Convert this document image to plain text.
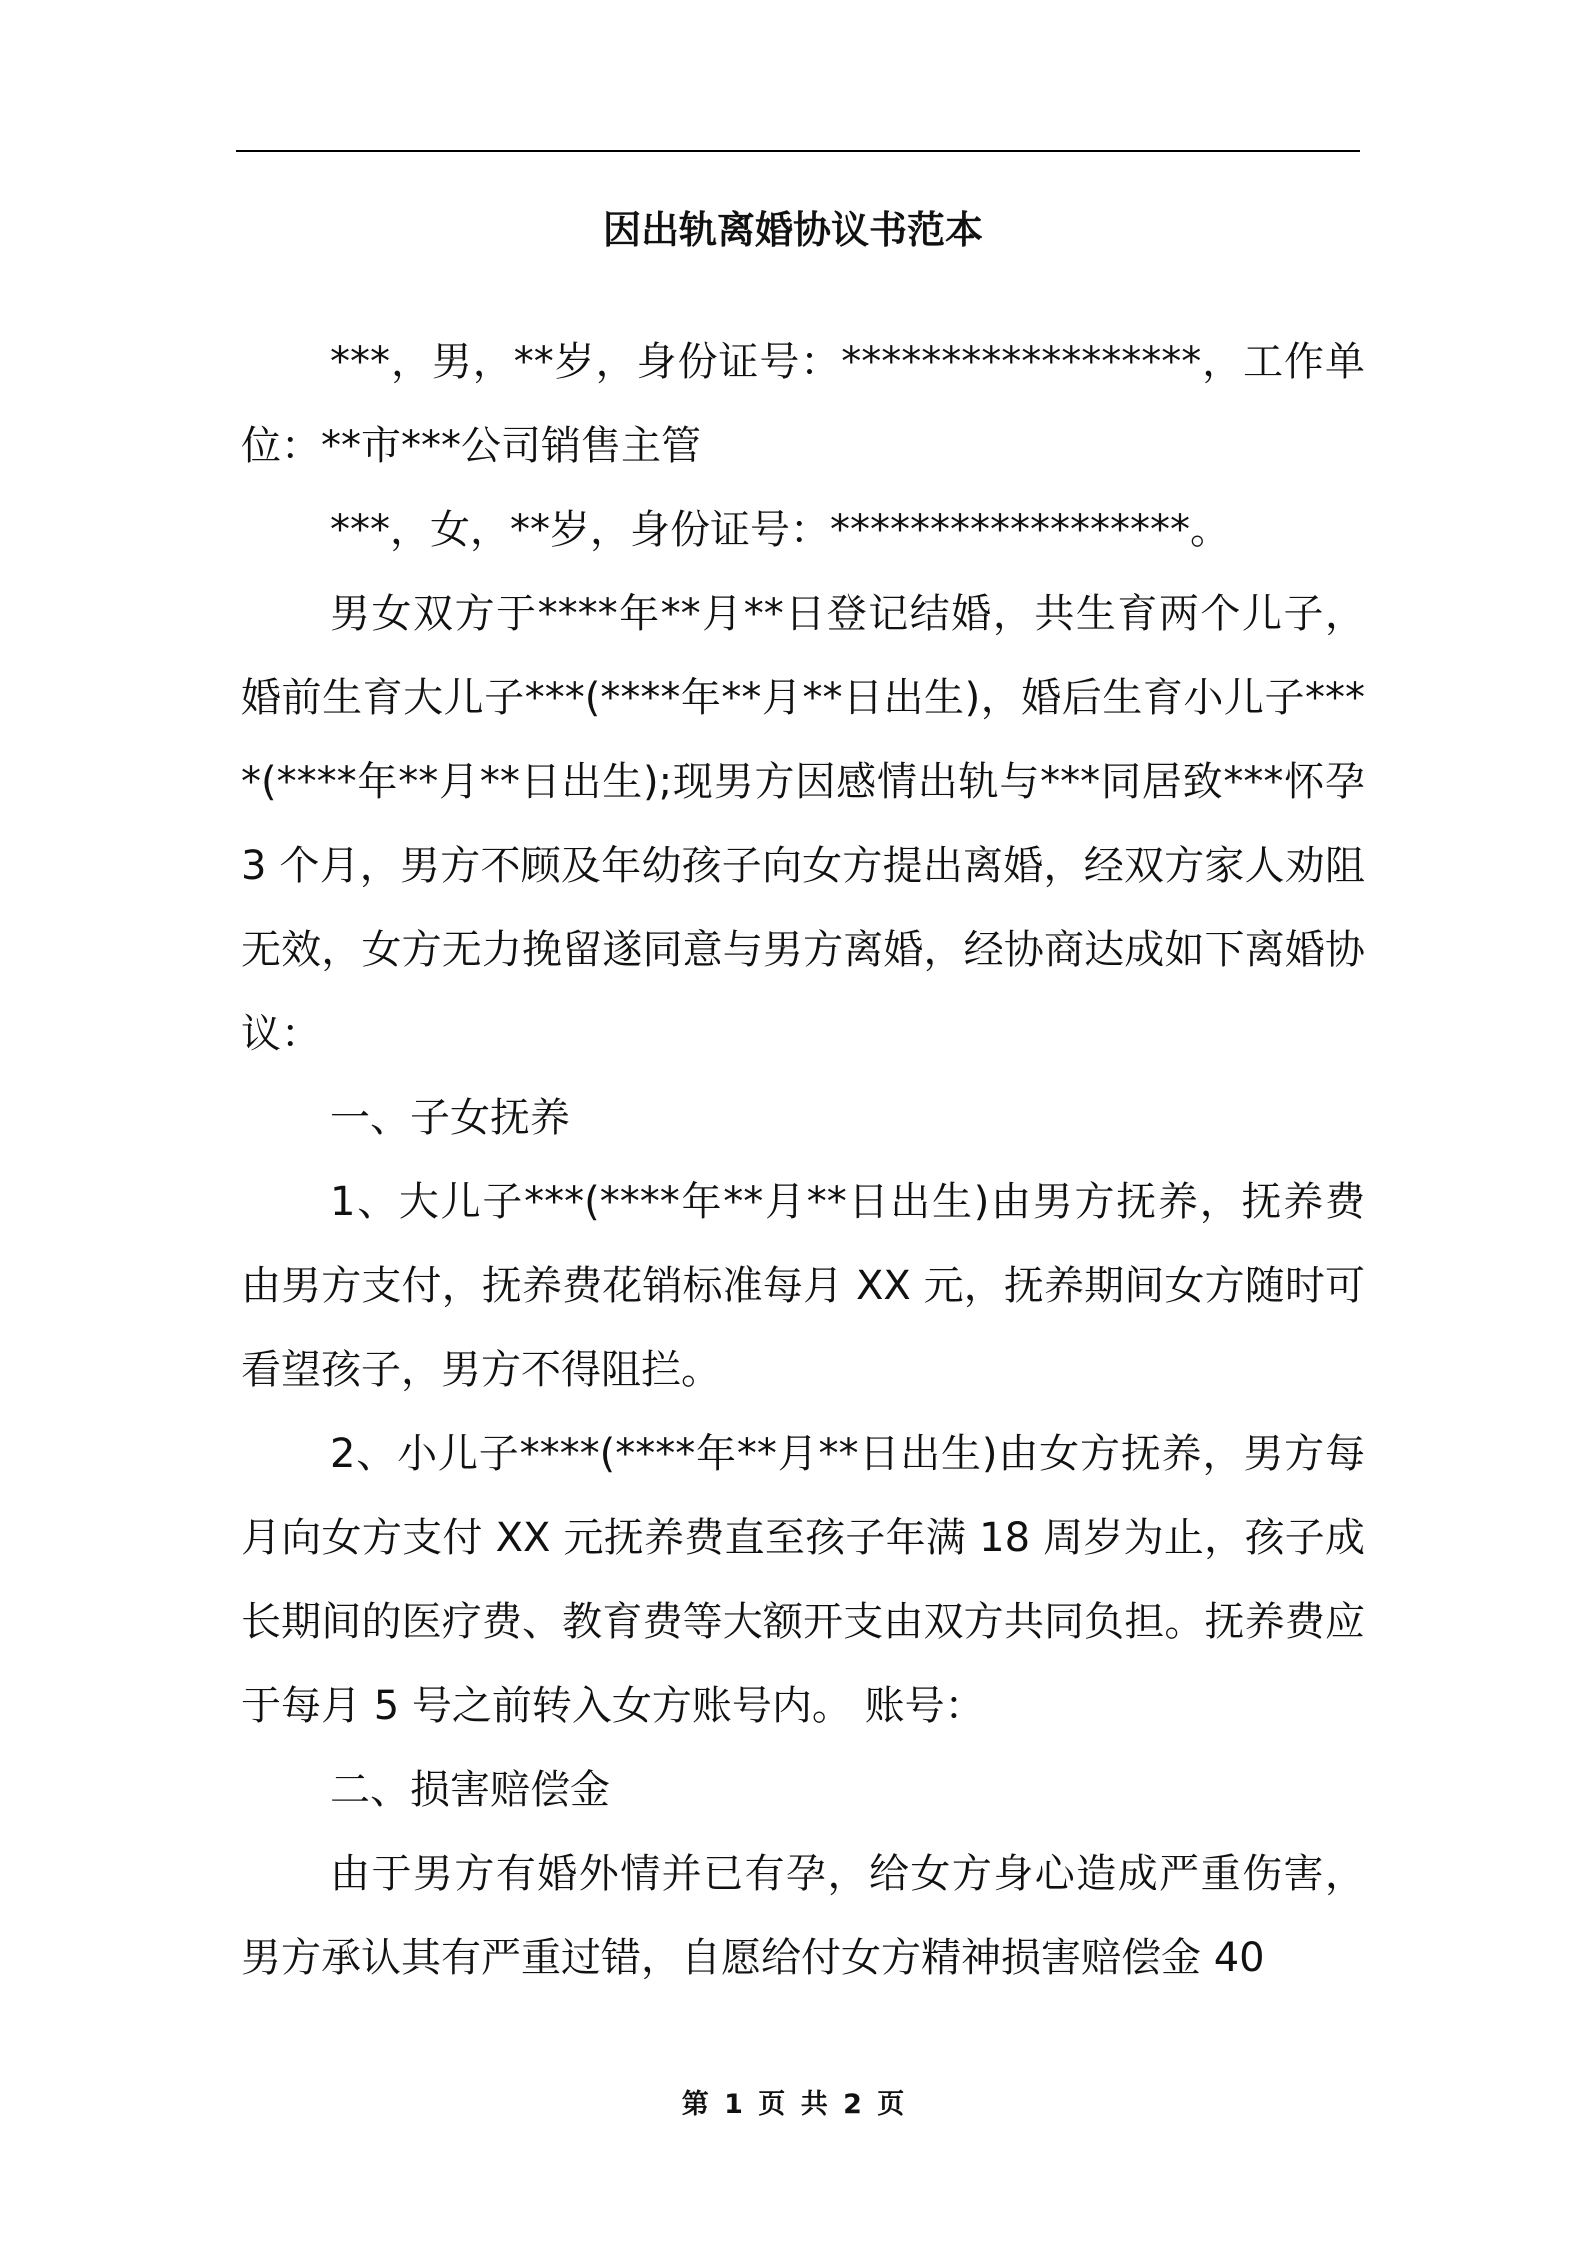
因出轨离婚协议书范本

***，男，**岁，身份证号：******************，工作单位：**市***公司销售主管

***，女，**岁，身份证号：******************。

男女双方于****年**月**日登记结婚，共生育两个儿子，婚前生育大儿子***(****年**月**日出生)，婚后生育小儿子****(****年**月**日出生);现男方因感情出轨与***同居致***怀孕 3 个月，男方不顾及年幼孩子向女方提出离婚，经双方家人劝阻无效，女方无力挽留遂同意与男方离婚，经协商达成如下离婚协议：

一、子女抚养

1、大儿子***(****年**月**日出生)由男方抚养，抚养费由男方支付，抚养费花销标准每月 XX 元，抚养期间女方随时可看望孩子，男方不得阻拦。

2、小儿子****(****年**月**日出生)由女方抚养，男方每月向女方支付 XX 元抚养费直至孩子年满 18 周岁为止，孩子成长期间的医疗费、教育费等大额开支由双方共同负担。抚养费应于每月 5 号之前转入女方账号内。 账号：

二、损害赔偿金

由于男方有婚外情并已有孕，给女方身心造成严重伤害，男方承认其有严重过错，自愿给付女方精神损害赔偿金 40

第 1 页 共 2 页
